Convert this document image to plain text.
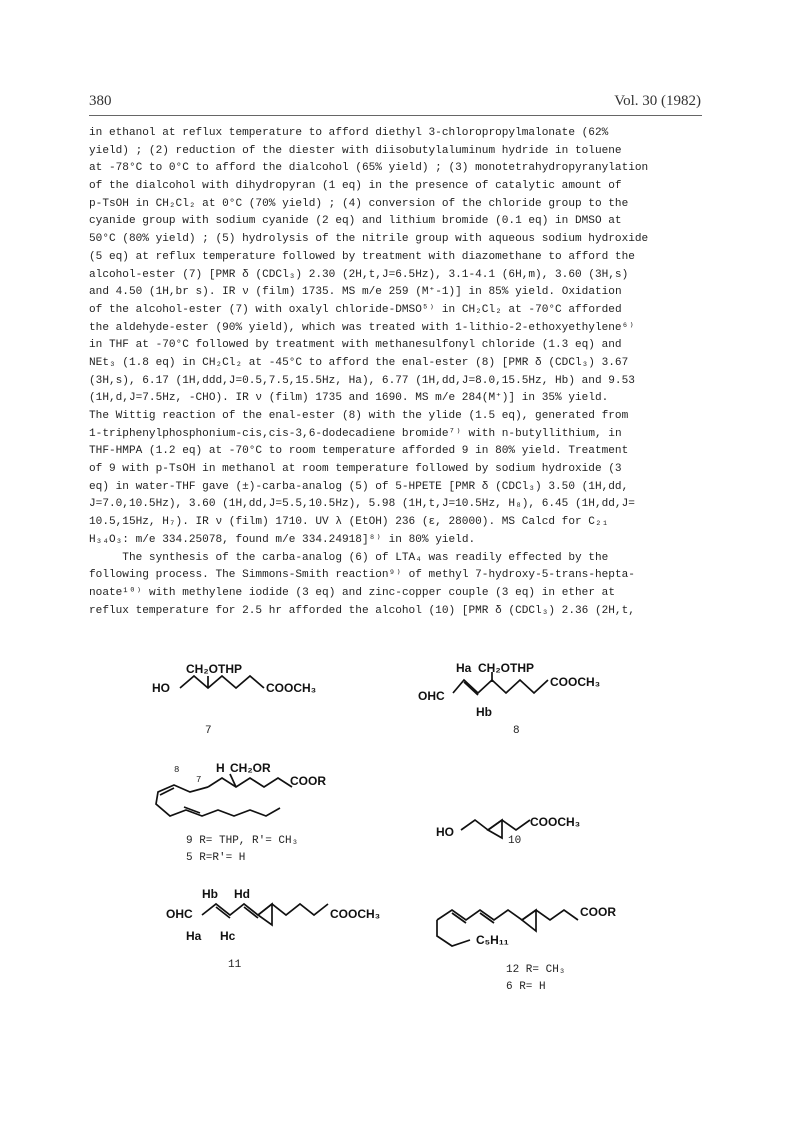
380	Vol. 30 (1982)
in ethanol at reflux temperature to afford diethyl 3-chloropropylmalonate (62%
yield) ; (2) reduction of the diester with diisobutylaluminum hydride in toluene
at -78°C to 0°C to afford the dialcohol (65% yield) ; (3) monotetrahydropyranylation
of the dialcohol with dihydropyran (1 eq) in the presence of catalytic amount of
p-TsOH in CH₂Cl₂ at 0°C (70% yield) ; (4) conversion of the chloride group to the
cyanide group with sodium cyanide (2 eq) and lithium bromide (0.1 eq) in DMSO at
50°C (80% yield) ; (5) hydrolysis of the nitrile group with aqueous sodium hydroxide
(5 eq) at reflux temperature followed by treatment with diazomethane to afford the
alcohol-ester (7) [PMR δ (CDCl₃) 2.30 (2H,t,J=6.5Hz), 3.1-4.1 (6H,m), 3.60 (3H,s)
and 4.50 (1H,br s). IR ν (film) 1735. MS m/e 259 (M⁺-1)] in 85% yield. Oxidation
of the alcohol-ester (7) with oxalyl chloride-DMSO⁵⁾ in CH₂Cl₂ at -70°C afforded
the aldehyde-ester (90% yield), which was treated with 1-lithio-2-ethoxyethylene⁶⁾
in THF at -70°C followed by treatment with methanesulfonyl chloride (1.3 eq) and
NEt₃ (1.8 eq) in CH₂Cl₂ at -45°C to afford the enal-ester (8) [PMR δ (CDCl₃) 3.67
(3H,s), 6.17 (1H,ddd,J=0.5,7.5,15.5Hz, Ha), 6.77 (1H,dd,J=8.0,15.5Hz, Hb) and 9.53
(1H,d,J=7.5Hz, -CHO). IR ν (film) 1735 and 1690. MS m/e 284(M⁺)] in 35% yield.
The Wittig reaction of the enal-ester (8) with the ylide (1.5 eq), generated from
1-triphenylphosphonium-cis,cis-3,6-dodecadiene bromide⁷⁾ with n-butyllithium, in
THF-HMPA (1.2 eq) at -70°C to room temperature afforded 9 in 80% yield. Treatment
of 9 with p-TsOH in methanol at room temperature followed by sodium hydroxide (3
eq) in water-THF gave (±)-carba-analog (5) of 5-HPETE [PMR δ (CDCl₃) 3.50 (1H,dd,
J=7.0,10.5Hz), 3.60 (1H,dd,J=5.5,10.5Hz), 5.98 (1H,t,J=10.5Hz, H₈), 6.45 (1H,dd,J=
10.5,15Hz, H₇). IR ν (film) 1710. UV λ (EtOH) 236 (ε, 28000). MS Calcd for C₂₁
H₃₄O₃: m/e 334.25078, found m/e 334.24918]⁸⁾ in 80% yield.
The synthesis of the carba-analog (6) of LTA₄ was readily effected by the
following process. The Simmons-Smith reaction⁹⁾ of methyl 7-hydroxy-5-trans-hepta-
noate¹⁰⁾ with methylene iodide (3 eq) and zinc-copper couple (3 eq) in ether at
reflux temperature for 2.5 hr afforded the alcohol (10) [PMR δ (CDCl₃) 2.36 (2H,t,
CH₂OTHP
HO	COOCH₃
7
Ha CH₂OTHP
OHC
COOCH₃
Hb
8
H CH₂OR
COOR
8
7
9 R= THP, R'= CH₃
5 R=R'= H
HO
COOCH₃
10
Hb Hd
OHC	COOCH₃
Ha Hc
11
COOR
C₅H₁₁
12 R= CH₃
6 R= H
